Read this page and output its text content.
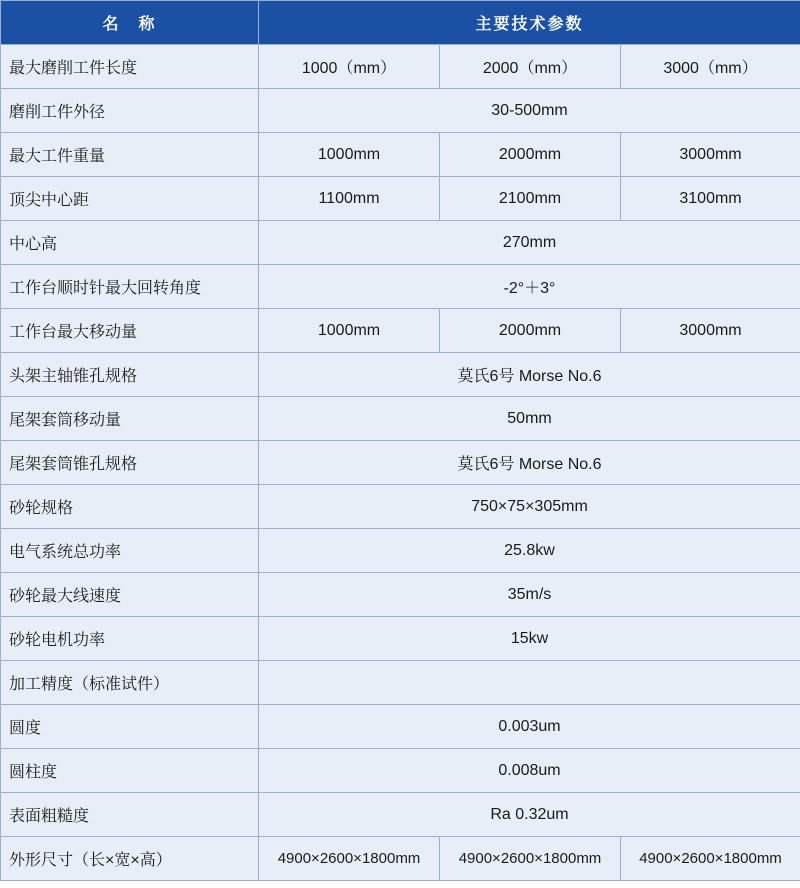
名　称	主要技术参数		
最大磨削工件长度	1000（mm）	2000（mm）	3000（mm）
磨削工件外径	30-500mm		
最大工件重量	1000mm	2000mm	3000mm
顶尖中心距	1100mm	2100mm	3100mm
中心高	270mm		
工作台顺时针最大回转角度	-2°＋3°		
工作台最大移动量	1000mm	2000mm	3000mm
头架主轴锥孔规格	莫氏6号 Morse No.6		
尾架套筒移动量	50mm		
尾架套筒锥孔规格	莫氏6号 Morse No.6		
砂轮规格	750×75×305mm		
电气系统总功率	25.8kw		
砂轮最大线速度	35m/s		
砂轮电机功率	15kw		
加工精度（标准试件）			
圆度	0.003um		
圆柱度	0.008um		
表面粗糙度	Ra 0.32um		
外形尺寸（长×宽×高）	4900×2600×1800mm	4900×2600×1800mm	4900×2600×1800mm
